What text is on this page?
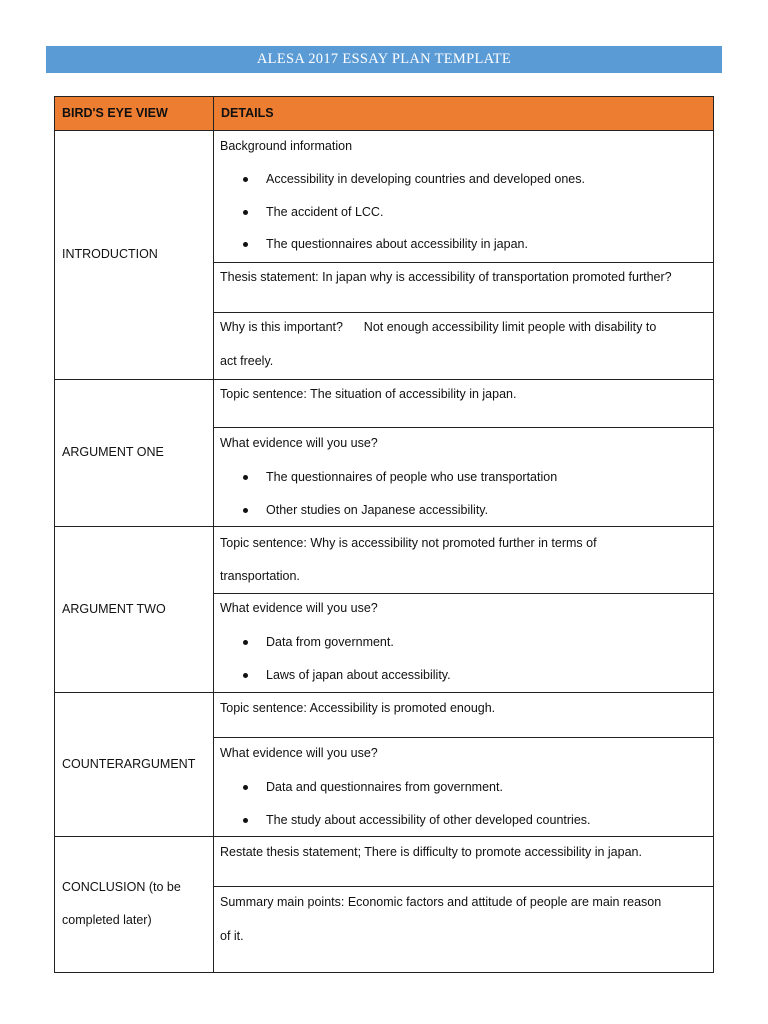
ALESA 2017 ESSAY PLAN TEMPLATE
BIRD'S EYE VIEW	DETAILS
INTRODUCTION
Background information
Accessibility in developing countries and developed ones.
The accident of LCC.
The questionnaires about accessibility in japan.
Thesis statement: In japan why is accessibility of transportation promoted further?
Why is this important?      Not enough accessibility limit people with disability to
act freely.
ARGUMENT ONE
Topic sentence: The situation of accessibility in japan.
What evidence will you use?
The questionnaires of people who use transportation
Other studies on Japanese accessibility.
ARGUMENT TWO
Topic sentence: Why is accessibility not promoted further in terms of
transportation.
What evidence will you use?
Data from government.
Laws of japan about accessibility.
COUNTERARGUMENT
Topic sentence: Accessibility is promoted enough.
What evidence will you use?
Data and questionnaires from government.
The study about accessibility of other developed countries.
CONCLUSION (to be
completed later)
Restate thesis statement; There is difficulty to promote accessibility in japan.
Summary main points: Economic factors and attitude of people are main reason
of it.
